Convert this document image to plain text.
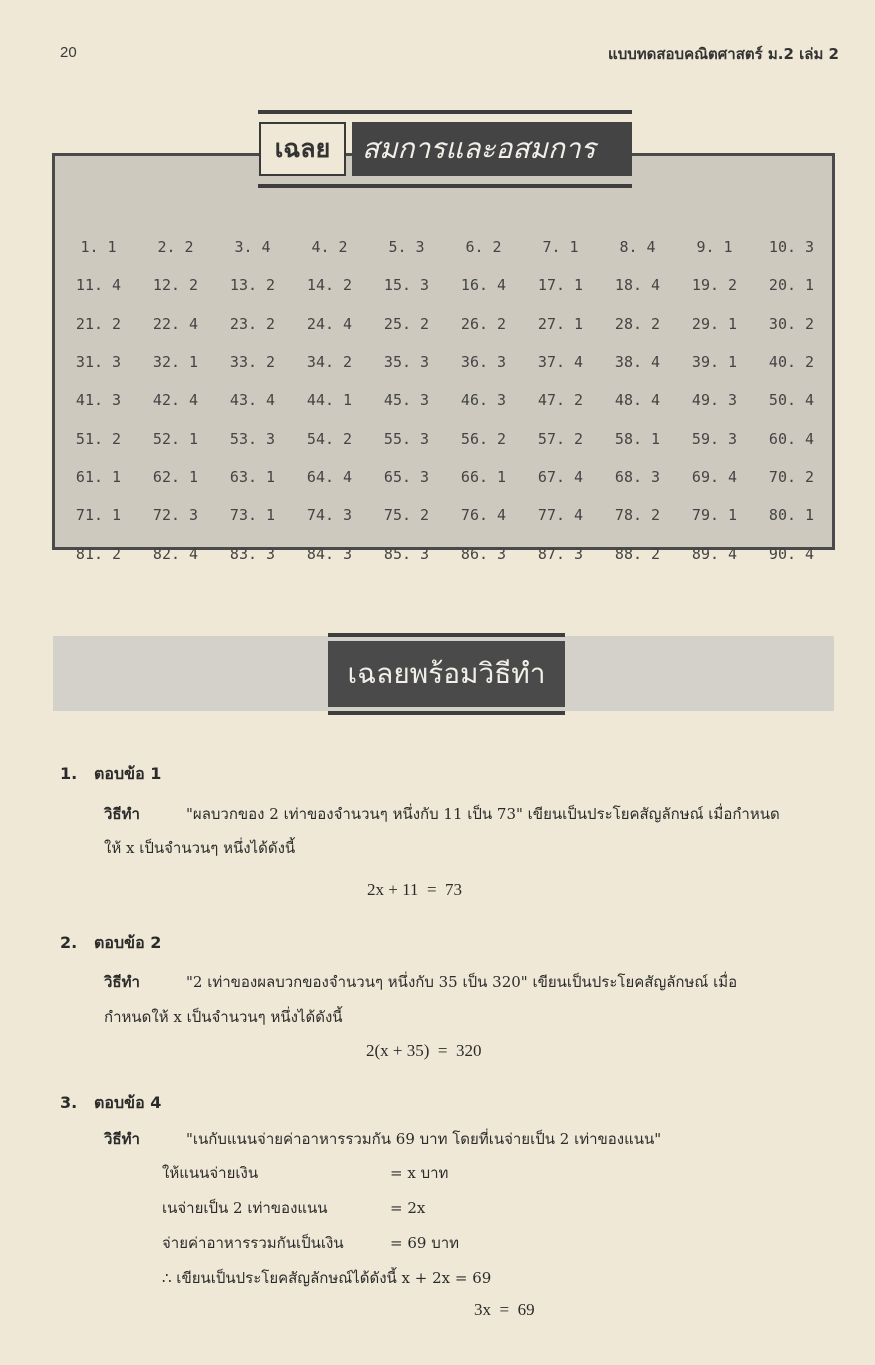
20	แบบทดสอบคณิตศาสตร์ ม.2 เล่ม 2
เฉลย	สมการและอสมการ
1. 1	2. 2	3. 4	4. 2	5. 3	6. 2	7. 1	8. 4	9. 1	10. 3
11. 4	12. 2	13. 2	14. 2	15. 3	16. 4	17. 1	18. 4	19. 2	20. 1
21. 2	22. 4	23. 2	24. 4	25. 2	26. 2	27. 1	28. 2	29. 1	30. 2
31. 3	32. 1	33. 2	34. 2	35. 3	36. 3	37. 4	38. 4	39. 1	40. 2
41. 3	42. 4	43. 4	44. 1	45. 3	46. 3	47. 2	48. 4	49. 3	50. 4
51. 2	52. 1	53. 3	54. 2	55. 3	56. 2	57. 2	58. 1	59. 3	60. 4
61. 1	62. 1	63. 1	64. 4	65. 3	66. 1	67. 4	68. 3	69. 4	70. 2
71. 1	72. 3	73. 1	74. 3	75. 2	76. 4	77. 4	78. 2	79. 1	80. 1
81. 2	82. 4	83. 3	84. 3	85. 3	86. 3	87. 3	88. 2	89. 4	90. 4
เฉลยพร้อมวิธีทำ
1. ตอบข้อ 1
วิธีทำ	"ผลบวกของ 2 เท่าของจำนวนๆ หนึ่งกับ 11 เป็น 73" เขียนเป็นประโยคสัญลักษณ์ เมื่อกำหนด
ให้ x เป็นจำนวนๆ หนึ่งได้ดังนี้
2x + 11  =  73
2. ตอบข้อ 2
วิธีทำ	"2 เท่าของผลบวกของจำนวนๆ หนึ่งกับ 35 เป็น 320" เขียนเป็นประโยคสัญลักษณ์ เมื่อ
กำหนดให้ x เป็นจำนวนๆ หนึ่งได้ดังนี้
2(x + 35)  =  320
3. ตอบข้อ 4
วิธีทำ	"เนกับแนนจ่ายค่าอาหารรวมกัน 69 บาท โดยที่เนจ่ายเป็น 2 เท่าของแนน"
ให้แนนจ่ายเงิน	= x บาท
เนจ่ายเป็น 2 เท่าของแนน	= 2x
จ่ายค่าอาหารรวมกันเป็นเงิน	= 69 บาท
∴ เขียนเป็นประโยคสัญลักษณ์ได้ดังนี้ x + 2x = 69
3x  =  69
